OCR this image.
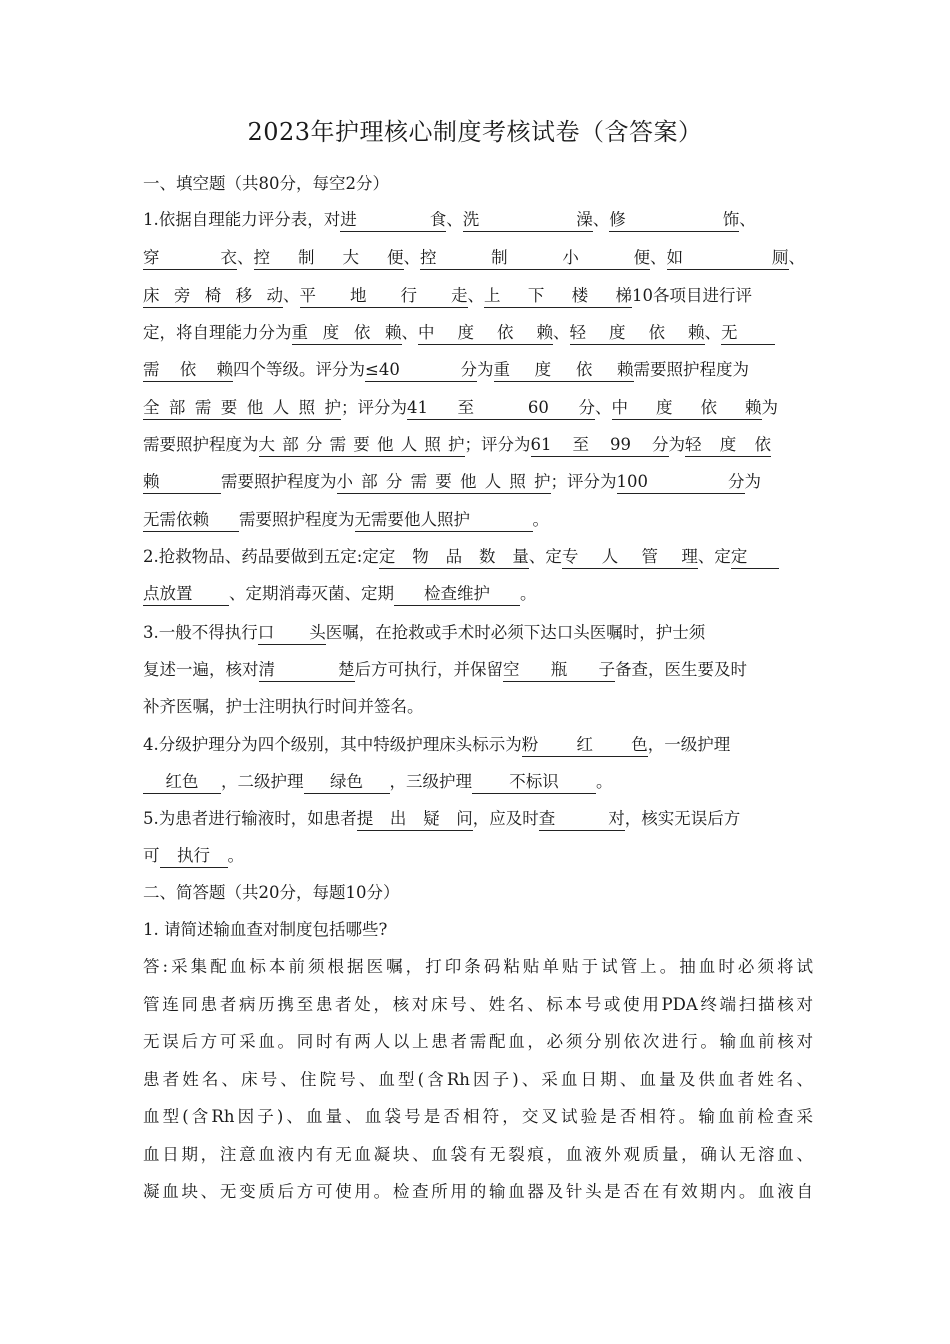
2023年护理核心制度考核试卷（含答案）
一、填空题（共80分，每空2分）
1.依据自理能力评分表，对进食、洗澡、修饰、
穿衣、控制大便、控制小便、如厕、
床旁椅移动、平地行走、上下楼梯10各项目进行评
定，将自理能力分为重度依赖、中度依赖、轻度依赖、无
需依赖四个等级。评分为≤40 分为重度依赖需要照护程度为
全部需要他人照护；评分为41 至 60 分、中度依赖为
需要照护程度为大部分需要他人照护；评分为61至99分为轻度依
赖	需要照护程度为小部分需要他人照护；评分为100 分为
无需依赖 需要照护程度为无需要他人照护	。
2.抢救物品、药品要做到五定:定定物品数量、定专人管理、定定
点放置 、定期消毒灭菌、定期 检查维护 。
3.一般不得执行口头医嘱，在抢救或手术时必须下达口头医嘱时，护士须
复述一遍，核对清楚后方可执行，并保留空瓶子备查，医生要及时
补齐医嘱，护士注明执行时间并签名。
4.分级护理分为四个级别，其中特级护理床头标示为粉红色，一级护理
红色 ，二级护理 绿色 ，三级护理 不标识 。
5.为患者进行输液时，如患者提出疑问，应及时查对，核实无误后方
可 执行 。
二、简答题（共20分，每题10分）
1. 请简述输血查对制度包括哪些?
答:采集配血标本前须根据医嘱，打印条码粘贴单贴于试管上。抽血时必须将试
管连同患者病历携至患者处，核对床号、姓名、标本号或使用PDA终端扫描核对
无误后方可采血。同时有两人以上患者需配血，必须分别依次进行。输血前核对
患者姓名、床号、住院号、血型(含Rh因子)、采血日期、血量及供血者姓名、
血型(含Rh因子)、血量、血袋号是否相符，交叉试验是否相符。输血前检查采
血日期，注意血液内有无血凝块、血袋有无裂痕，血液外观质量，确认无溶血、
凝血块、无变质后方可使用。检查所用的输血器及针头是否在有效期内。血液自
